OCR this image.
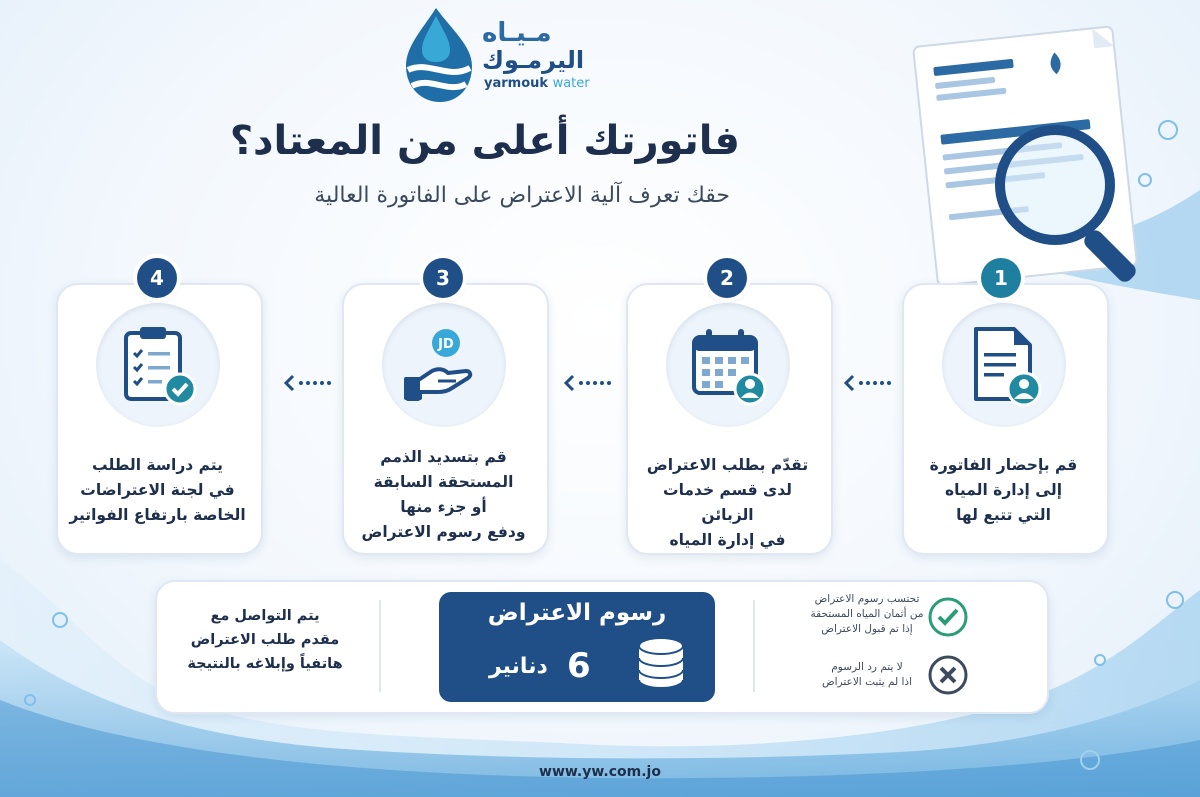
مـيـاه
اليرمـوك
yarmouk water
فاتورتك أعلى من المعتاد؟
حقك تعرف آلية الاعتراض على الفاتورة العالية
قم بإحضار الفاتورة
إلى إدارة المياه
التي تتبع لها
1
تقدّم بطلب الاعتراض
لدى قسم خدمات الزبائن
في إدارة المياه
2
JD
قم بتسديد الذمم
المستحقة السابقة
أو جزء منها
ودفع رسوم الاعتراض
3
يتم دراسة الطلب
في لجنة الاعتراضات
الخاصة بارتفاع الفواتير
4
يتم التواصل مع
مقدم طلب الاعتراض
هاتفياً وإبلاغه بالنتيجة
رسوم الاعتراض
6
دنانير
تحتسب رسوم الاعتراض
من أثمان المياه المستحقة
إذا تم قبول الاعتراض
لا يتم رد الرسوم
اذا لم يثبت الاعتراض
www.yw.com.jo
